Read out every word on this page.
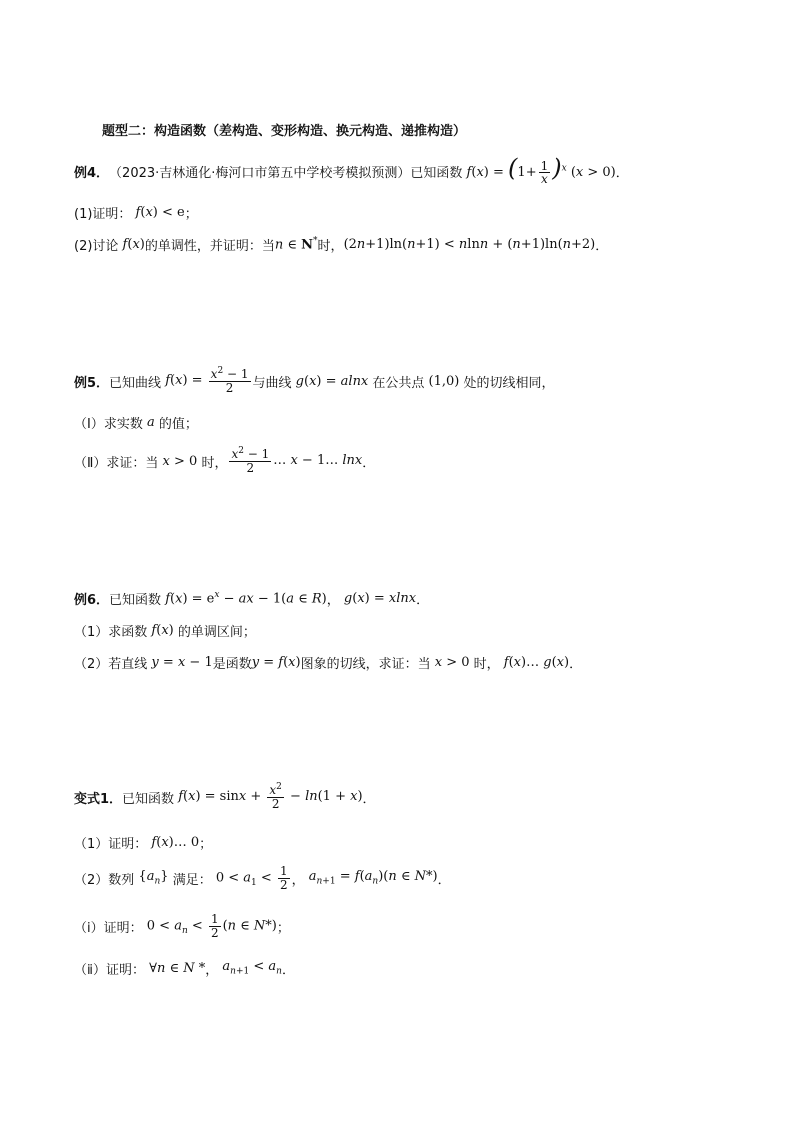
题型二：构造函数（差构造、变形构造、换元构造、递推构造）
例4． （2023·吉林通化·梅河口市第五中学校考模拟预测）已知函数 $f(x) = (1+ \frac{1}{x} )^x$ (x > 0) ．
(1)证明： f(x) < e ；
(2)讨论 f(x) 的单调性，并证明：当 n ∈ N* 时， (2n+1)ln(n+1) < nlnn + (n+1)ln(n+2) ．
例5． 已知曲线 $f(x) = \frac{x^2 - 1}{2}$ 与曲线 g(x) = alnx 在公共点 (1,0) 处的切线相同，
（Ⅰ）求实数 a 的值；
（Ⅱ）求证：当 x > 0 时， $\frac{x^2 - 1}{2}$ … x − 1… lnx ．
例6． 已知函数 $f(x) = e^x$ − ax − 1(a ∈ R) ， g(x) = xlnx ．
（1）求函数 f(x) 的单调区间；
（2）若直线 y = x − 1 是函数 y = f(x) 图象的切线，求证：当 x > 0 时， f(x)… g(x) ．
变式1． 已知函数 $f(x) = \sin x + \frac{x^2}{2} - \ln(1 + x)$ ．
（1）证明： f(x)… 0 ；
（2）数列 $\{a_n\}$ 满足： $0 < a_1 < \frac{1}{2}$ ， $a_{n+1} = f(a_n)(n$ ∈ N*) ．
（ⅰ）证明： $0 < a_n < \frac{1}{2} (n$ ∈ N*) ；
（ⅱ）证明： ∀n ∈ N * ， $a_{n+1} < a_n$ ．
